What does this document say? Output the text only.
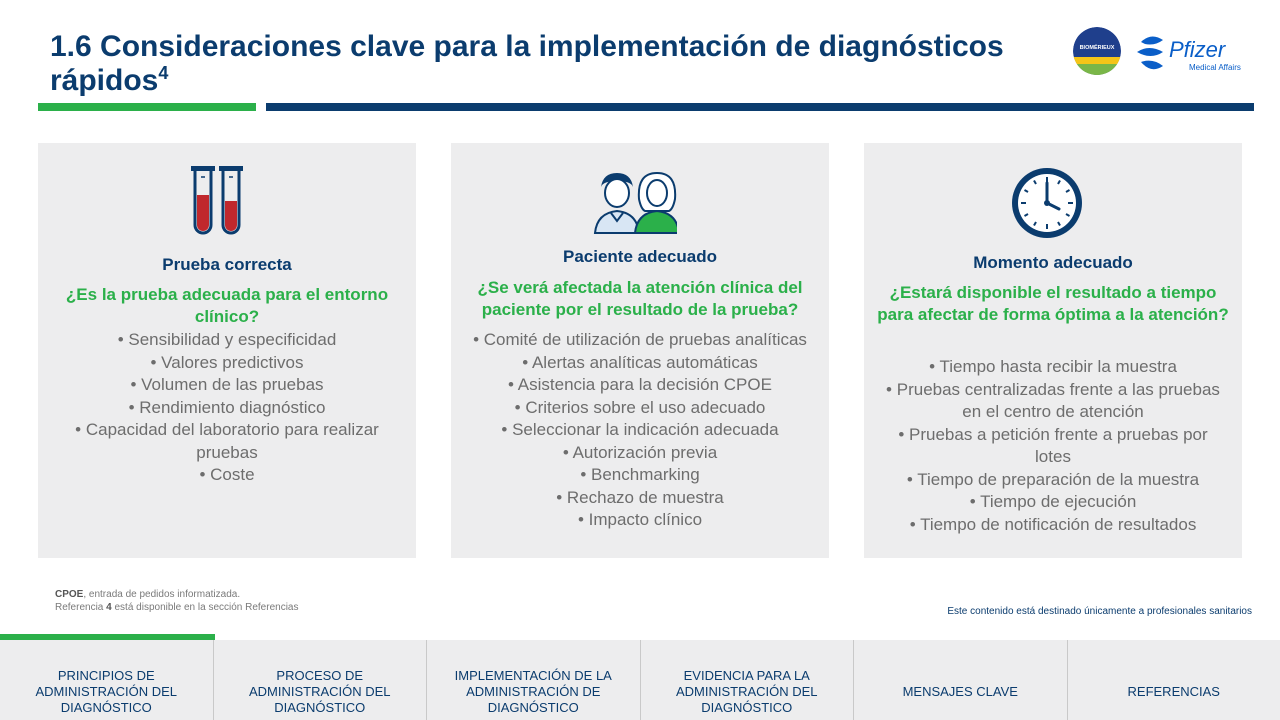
1.6 Consideraciones clave para la implementación de diagnósticos rápidos$^4$
BIOMÉRIEUX Pfizer
Medical Affairs
Prueba correcta
¿Es la prueba adecuada para el entorno clínico?
• Sensibilidad y especificidad
• Valores predictivos
• Volumen de las pruebas
• Rendimiento diagnóstico
• Capacidad del laboratorio para realizar pruebas
• Coste
Paciente adecuado
¿Se verá afectada la atención clínica del paciente por el resultado de la prueba?
• Comité de utilización de pruebas analíticas
• Alertas analíticas automáticas
• Asistencia para la decisión CPOE
• Criterios sobre el uso adecuado
• Seleccionar la indicación adecuada
• Autorización previa
• Benchmarking
• Rechazo de muestra
• Impacto clínico
Momento adecuado
¿Estará disponible el resultado a tiempo para afectar de forma óptima a la atención?
• Tiempo hasta recibir la muestra
• Pruebas centralizadas frente a las pruebas en el centro de atención
• Pruebas a petición frente a pruebas por lotes
• Tiempo de preparación de la muestra
• Tiempo de ejecución
• Tiempo de notificación de resultados
CPOE, entrada de pedidos informatizada.
Referencia 4 está disponible en la sección Referencias	Este contenido está destinado únicamente a profesionales sanitarios
PRINCIPIOS DE ADMINISTRACIÓN DEL DIAGNÓSTICO
PROCESO DE ADMINISTRACIÓN DEL DIAGNÓSTICO
IMPLEMENTACIÓN DE LA ADMINISTRACIÓN DE DIAGNÓSTICO
EVIDENCIA PARA LA ADMINISTRACIÓN DEL DIAGNÓSTICO
MENSAJES CLAVE	REFERENCIAS
